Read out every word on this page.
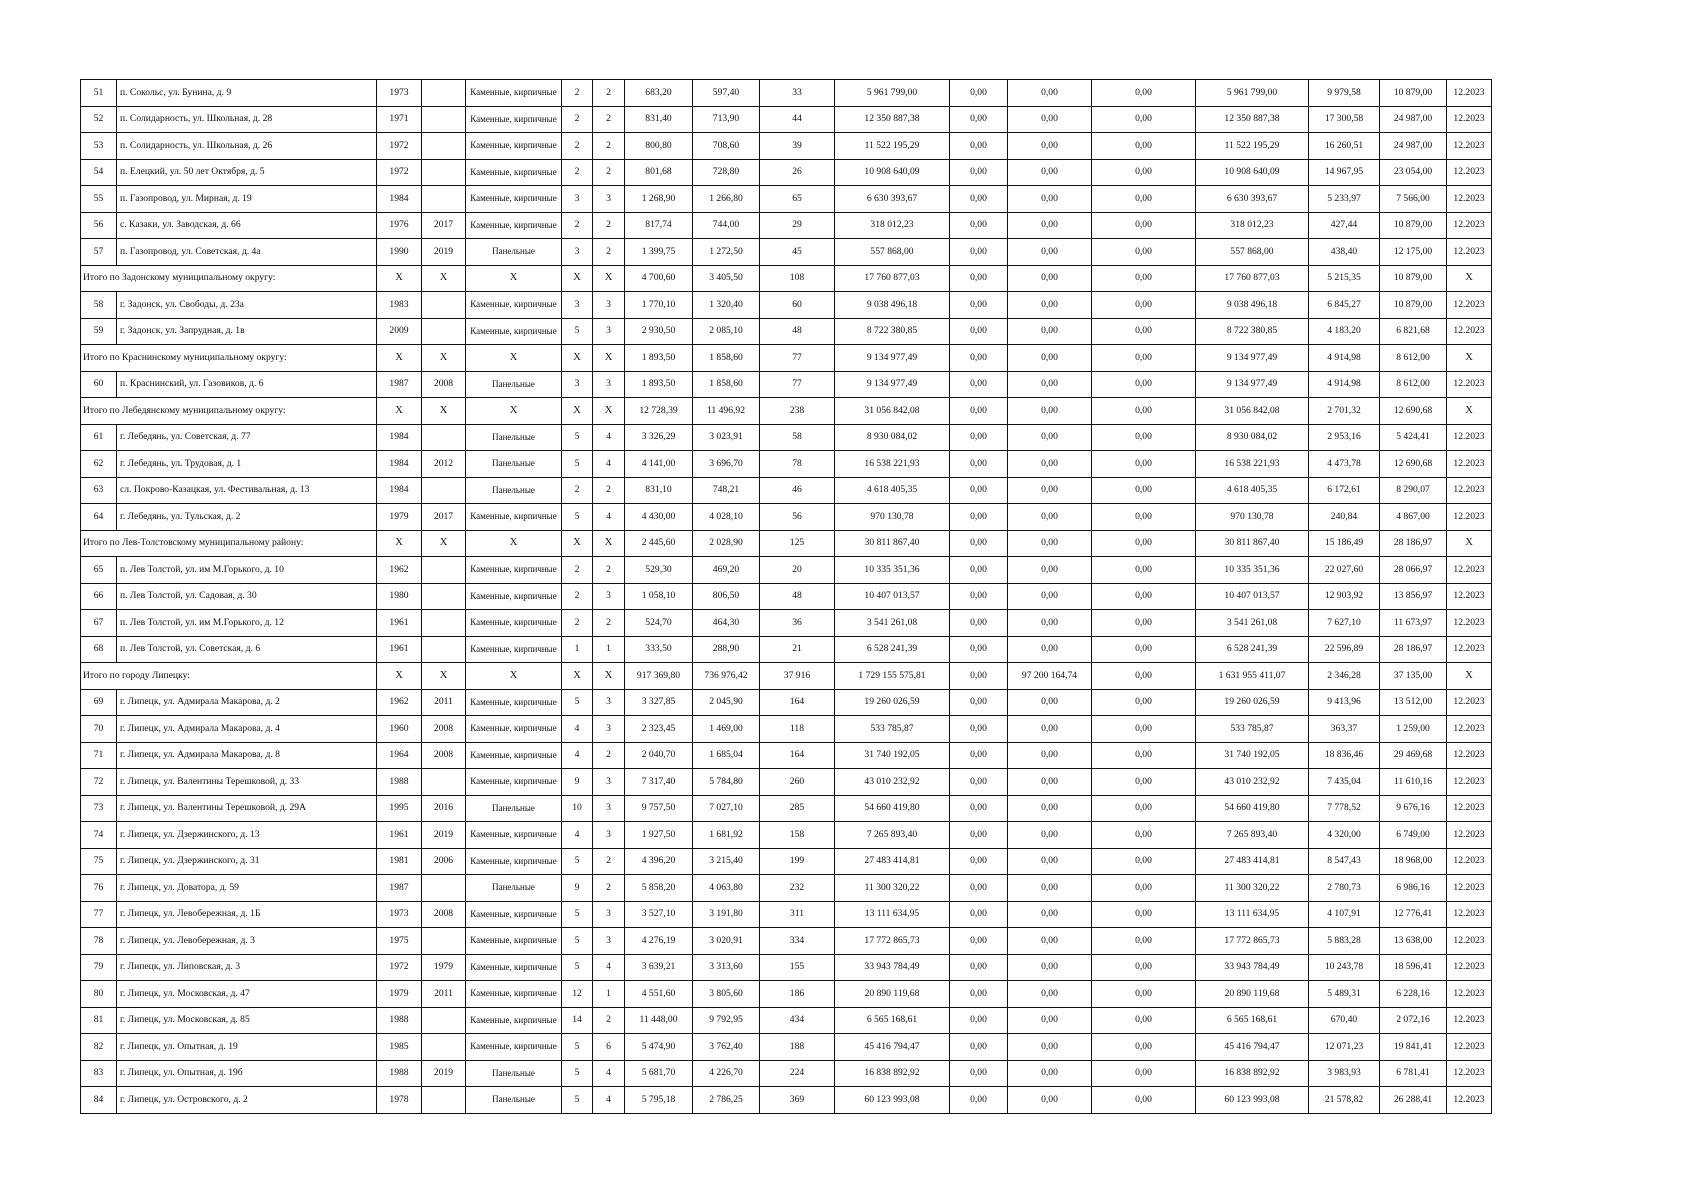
51	п. Сокольс, ул. Бунина, д. 9	1973		Каменные, кирпичные	2	2	683,20	597,40	33	5 961 799,00	0,00	0,00	0,00	5 961 799,00	9 979,58	10 879,00	12.2023
52	п. Солидарность, ул. Школьная, д. 28	1971		Каменные, кирпичные	2	2	831,40	713,90	44	12 350 887,38	0,00	0,00	0,00	12 350 887,38	17 300,58	24 987,00	12.2023
53	п. Солидарность, ул. Школьная, д. 26	1972		Каменные, кирпичные	2	2	800,80	708,60	39	11 522 195,29	0,00	0,00	0,00	11 522 195,29	16 260,51	24 987,00	12.2023
54	п. Елецкий, ул. 50 лет Октября, д. 5	1972		Каменные, кирпичные	2	2	801,68	728,80	26	10 908 640,09	0,00	0,00	0,00	10 908 640,09	14 967,95	23 054,00	12.2023
55	п. Газопровод, ул. Мирная, д. 19	1984		Каменные, кирпичные	3	3	1 268,90	1 266,80	65	6 630 393,67	0,00	0,00	0,00	6 630 393,67	5 233,97	7 566,00	12.2023
56	с. Казаки, ул. Заводская, д. 66	1976	2017	Каменные, кирпичные	2	2	817,74	744,00	29	318 012,23	0,00	0,00	0,00	318 012,23	427,44	10 879,00	12.2023
57	п. Газопровод, ул. Советская, д. 4а	1990	2019	Панельные	3	2	1 399,75	1 272,50	45	557 868,00	0,00	0,00	0,00	557 868,00	438,40	12 175,00	12.2023
Итого по Задонскому муниципальному округу:		X	X	X	X	X	4 700,60	3 405,50	108	17 760 877,03	0,00	0,00	0,00	17 760 877,03	5 215,35	10 879,00	X
58	г. Задонск, ул. Свободы, д. 23а	1983		Каменные, кирпичные	3	3	1 770,10	1 320,40	60	9 038 496,18	0,00	0,00	0,00	9 038 496,18	6 845,27	10 879,00	12.2023
59	г. Задонск, ул. Запрудная, д. 1в	2009		Каменные, кирпичные	5	3	2 930,50	2 085,10	48	8 722 380,85	0,00	0,00	0,00	8 722 380,85	4 183,20	6 821,68	12.2023
Итого по Краснинскому муниципальному округу:		X	X	X	X	X	1 893,50	1 858,60	77	9 134 977,49	0,00	0,00	0,00	9 134 977,49	4 914,98	8 612,00	X
60	п. Краснинский, ул. Газовиков, д. 6	1987	2008	Панельные	3	3	1 893,50	1 858,60	77	9 134 977,49	0,00	0,00	0,00	9 134 977,49	4 914,98	8 612,00	12.2023
Итого по Лебедянскому муниципальному округу:		X	X	X	X	X	12 728,39	11 496,92	238	31 056 842,08	0,00	0,00	0,00	31 056 842,08	2 701,32	12 690,68	X
61	г. Лебедянь, ул. Советская, д. 77	1984		Панельные	5	4	3 326,29	3 023,91	58	8 930 084,02	0,00	0,00	0,00	8 930 084,02	2 953,16	5 424,41	12.2023
62	г. Лебедянь, ул. Трудовая, д. 1	1984	2012	Панельные	5	4	4 141,00	3 696,70	78	16 538 221,93	0,00	0,00	0,00	16 538 221,93	4 473,78	12 690,68	12.2023
63	сл. Покрово-Казацкая, ул. Фестивальная, д. 13	1984		Панельные	2	2	831,10	748,21	46	4 618 405,35	0,00	0,00	0,00	4 618 405,35	6 172,61	8 290,07	12.2023
64	г. Лебедянь, ул. Тульская, д. 2	1979	2017	Каменные, кирпичные	5	4	4 430,00	4 028,10	56	970 130,78	0,00	0,00	0,00	970 130,78	240,84	4 867,00	12.2023
Итого по Лев-Толстовскому муниципальному району:		X	X	X	X	X	2 445,60	2 028,90	125	30 811 867,40	0,00	0,00	0,00	30 811 867,40	15 186,49	28 186,97	X
65	п. Лев Толстой, ул. им М.Горького, д. 10	1962		Каменные, кирпичные	2	2	529,30	469,20	20	10 335 351,36	0,00	0,00	0,00	10 335 351,36	22 027,60	28 066,97	12.2023
66	п. Лев Толстой, ул. Садовая, д. 30	1980		Каменные, кирпичные	2	3	1 058,10	806,50	48	10 407 013,57	0,00	0,00	0,00	10 407 013,57	12 903,92	13 856,97	12.2023
67	п. Лев Толстой, ул. им М.Горького, д. 12	1961		Каменные, кирпичные	2	2	524,70	464,30	36	3 541 261,08	0,00	0,00	0,00	3 541 261,08	7 627,10	11 673,97	12.2023
68	п. Лев Толстой, ул. Советская, д. 6	1961		Каменные, кирпичные	1	1	333,50	288,90	21	6 528 241,39	0,00	0,00	0,00	6 528 241,39	22 596,89	28 186,97	12.2023
Итого по городу Липецку:		X	X	X	X	X	917 369,80	736 976,42	37 916	1 729 155 575,81	0,00	97 200 164,74	0,00	1 631 955 411,07	2 346,28	37 135,00	X
69	г. Липецк, ул. Адмирала Макарова, д. 2	1962	2011	Каменные, кирпичные	5	3	3 327,85	2 045,90	164	19 260 026,59	0,00	0,00	0,00	19 260 026,59	9 413,96	13 512,00	12.2023
70	г. Липецк, ул. Адмирала Макарова, д. 4	1960	2008	Каменные, кирпичные	4	3	2 323,45	1 469,00	118	533 785,87	0,00	0,00	0,00	533 785,87	363,37	1 259,00	12.2023
71	г. Липецк, ул. Адмирала Макарова, д. 8	1964	2008	Каменные, кирпичные	4	2	2 040,70	1 685,04	164	31 740 192,05	0,00	0,00	0,00	31 740 192,05	18 836,46	29 469,68	12.2023
72	г. Липецк, ул. Валентины Терешковой, д. 33	1988		Каменные, кирпичные	9	3	7 317,40	5 784,80	260	43 010 232,92	0,00	0,00	0,00	43 010 232,92	7 435,04	11 610,16	12.2023
73	г. Липецк, ул. Валентины Терешковой, д. 29А	1995	2016	Панельные	10	3	9 757,50	7 027,10	285	54 660 419,80	0,00	0,00	0,00	54 660 419,80	7 778,52	9 676,16	12.2023
74	г. Липецк, ул. Дзержинского, д. 13	1961	2019	Каменные, кирпичные	4	3	1 927,50	1 681,92	158	7 265 893,40	0,00	0,00	0,00	7 265 893,40	4 320,00	6 749,00	12.2023
75	г. Липецк, ул. Дзержинского, д. 31	1981	2006	Каменные, кирпичные	5	2	4 396,20	3 215,40	199	27 483 414,81	0,00	0,00	0,00	27 483 414,81	8 547,43	18 968,00	12.2023
76	г. Липецк, ул. Доватора, д. 59	1987		Панельные	9	2	5 858,20	4 063,80	232	11 300 320,22	0,00	0,00	0,00	11 300 320,22	2 780,73	6 986,16	12.2023
77	г. Липецк, ул. Левобережная, д. 1Б	1973	2008	Каменные, кирпичные	5	3	3 527,10	3 191,80	311	13 111 634,95	0,00	0,00	0,00	13 111 634,95	4 107,91	12 776,41	12.2023
78	г. Липецк, ул. Левобережная, д. 3	1975		Каменные, кирпичные	5	3	4 276,19	3 020,91	334	17 772 865,73	0,00	0,00	0,00	17 772 865,73	5 883,28	13 638,00	12.2023
79	г. Липецк, ул. Липовская, д. 3	1972	1979	Каменные, кирпичные	5	4	3 639,21	3 313,60	155	33 943 784,49	0,00	0,00	0,00	33 943 784,49	10 243,78	18 596,41	12.2023
80	г. Липецк, ул. Московская, д. 47	1979	2011	Каменные, кирпичные	12	1	4 551,60	3 805,60	186	20 890 119,68	0,00	0,00	0,00	20 890 119,68	5 489,31	6 228,16	12.2023
81	г. Липецк, ул. Московская, д. 85	1988		Каменные, кирпичные	14	2	11 448,00	9 792,95	434	6 565 168,61	0,00	0,00	0,00	6 565 168,61	670,40	2 072,16	12.2023
82	г. Липецк, ул. Опытная, д. 19	1985		Каменные, кирпичные	5	6	5 474,90	3 762,40	188	45 416 794,47	0,00	0,00	0,00	45 416 794,47	12 071,23	19 841,41	12.2023
83	г. Липецк, ул. Опытная, д. 19б	1988	2019	Панельные	5	4	5 681,70	4 226,70	224	16 838 892,92	0,00	0,00	0,00	16 838 892,92	3 983,93	6 781,41	12.2023
84	г. Липецк, ул. Островского, д. 2	1978		Панельные	5	4	5 795,18	2 786,25	369	60 123 993,08	0,00	0,00	0,00	60 123 993,08	21 578,82	26 288,41	12.2023
